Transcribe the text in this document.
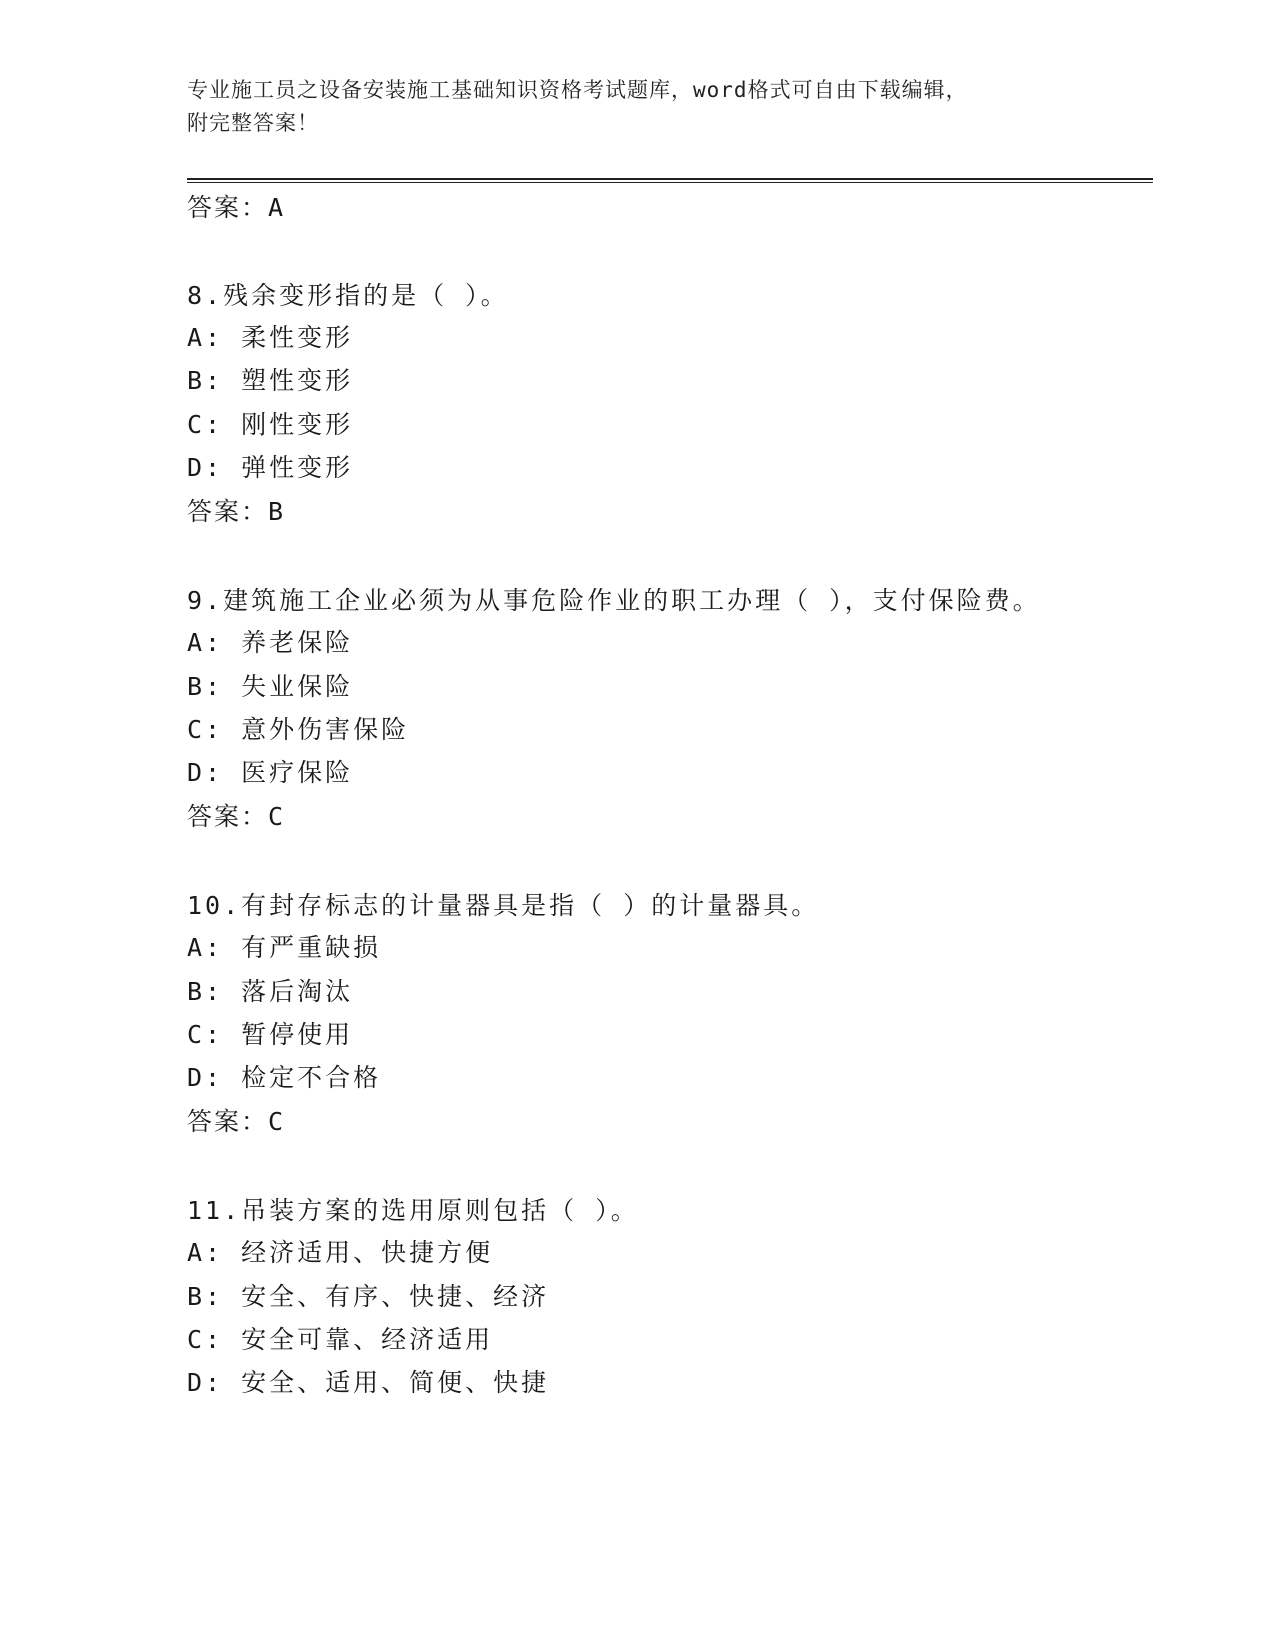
专业施工员之设备安装施工基础知识资格考试题库，word格式可自由下载编辑，
附完整答案！
答案：A
8.残余变形指的是（ ）。
A: 柔性变形
B: 塑性变形
C: 刚性变形
D: 弹性变形
答案：B
9.建筑施工企业必须为从事危险作业的职工办理（ ），支付保险费。
A: 养老保险
B: 失业保险
C: 意外伤害保险
D: 医疗保险
答案：C
10.有封存标志的计量器具是指（ ）的计量器具。
A: 有严重缺损
B: 落后淘汰
C: 暂停使用
D: 检定不合格
答案：C
11.吊装方案的选用原则包括（ ）。
A: 经济适用、快捷方便
B: 安全、有序、快捷、经济
C: 安全可靠、经济适用
D: 安全、适用、简便、快捷
